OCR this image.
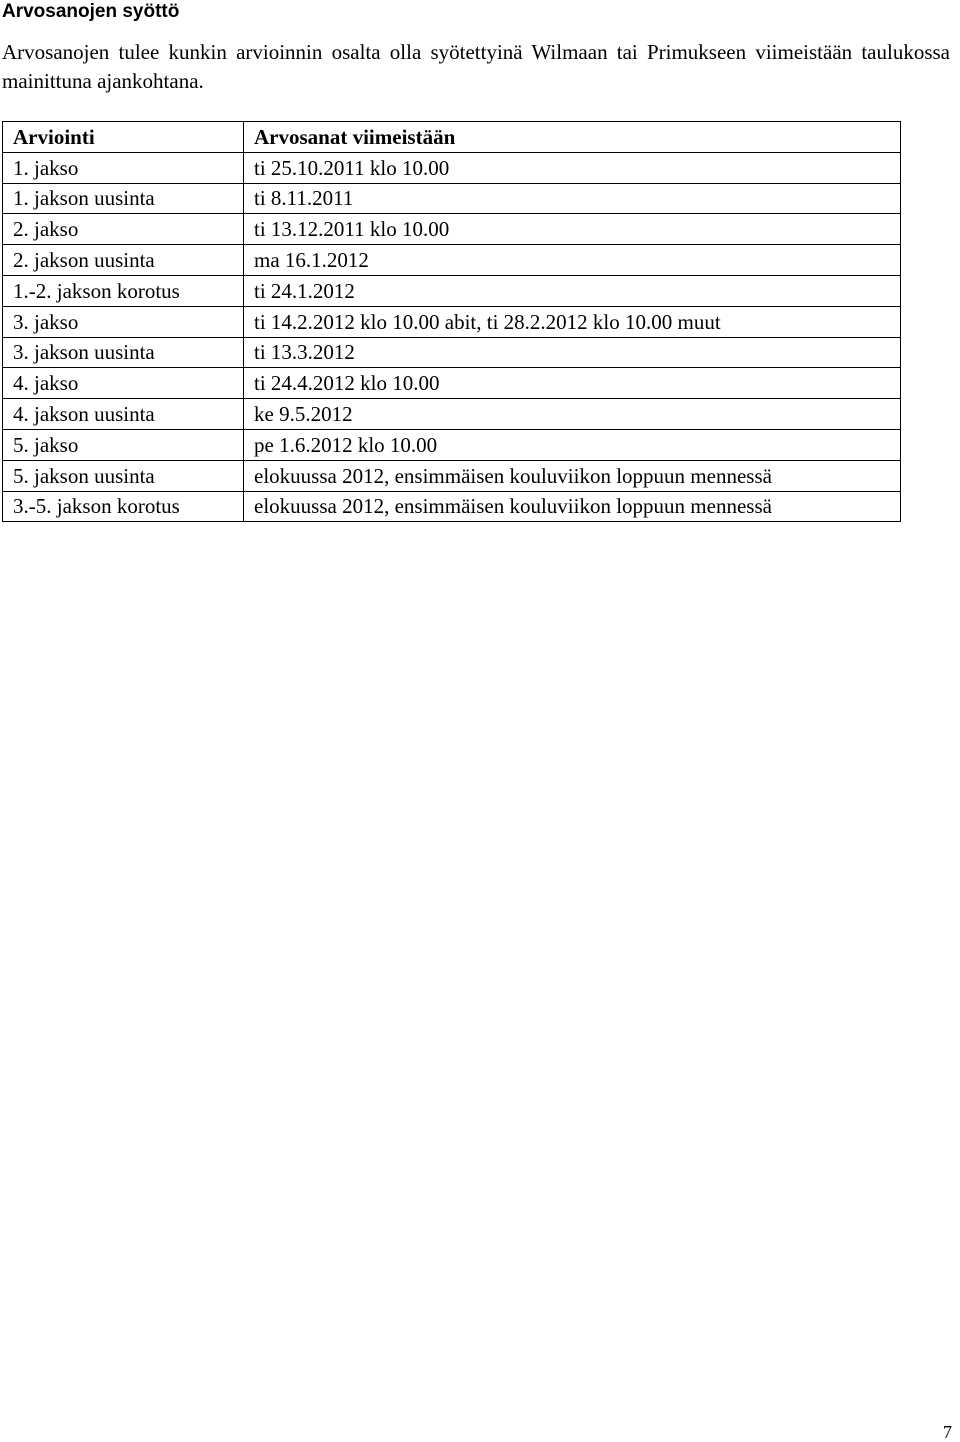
Arvosanojen syöttö

Arvosanojen tulee kunkin arvioinnin osalta olla syötettyinä Wilmaan tai Primukseen viimeistään taulukossa mainittuna ajankohtana.

Arviointi	Arvosanat viimeistään
1. jakso	ti 25.10.2011 klo 10.00
1. jakson uusinta	ti 8.11.2011
2. jakso	ti 13.12.2011 klo 10.00
2. jakson uusinta	ma 16.1.2012
1.-2. jakson korotus	ti 24.1.2012
3. jakso	ti 14.2.2012 klo 10.00 abit, ti 28.2.2012 klo 10.00 muut
3. jakson uusinta	ti 13.3.2012
4. jakso	ti 24.4.2012 klo 10.00
4. jakson uusinta	ke 9.5.2012
5. jakso	pe 1.6.2012 klo 10.00
5. jakson uusinta	elokuussa 2012, ensimmäisen kouluviikon loppuun mennessä
3.-5. jakson korotus	elokuussa 2012, ensimmäisen kouluviikon loppuun mennessä
7
